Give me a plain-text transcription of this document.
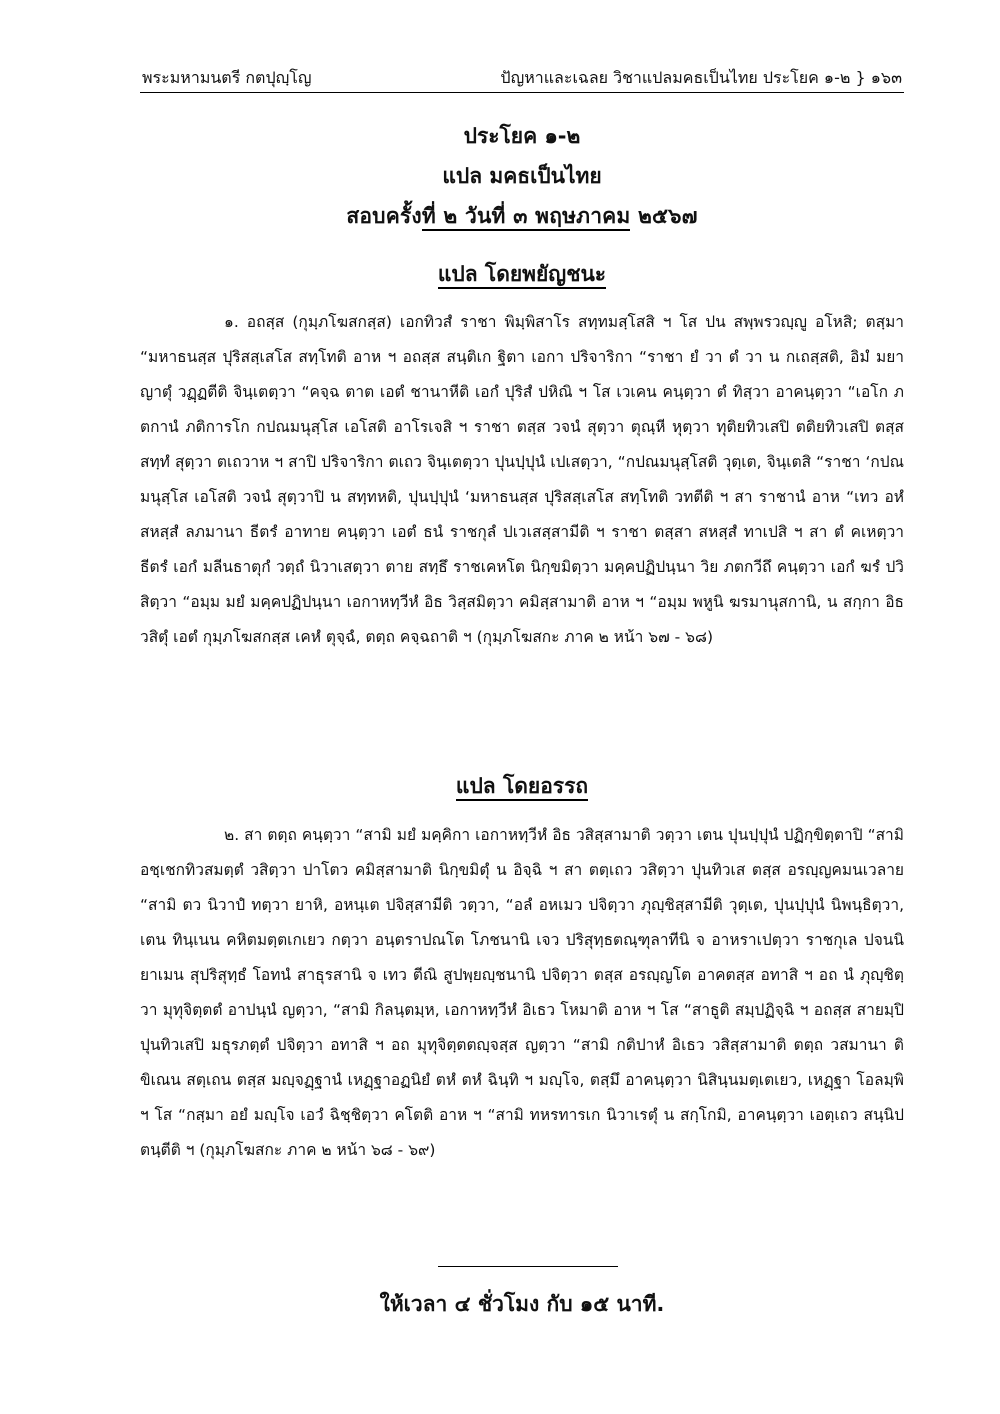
พระมหามนตรี กตปุญฺโญ	ปัญหาและเฉลย วิชาแปลมคธเป็นไทย ประโยค ๑-๒ } ๑๖๓
ประโยค ๑-๒
แปล มคธเป็นไทย
สอบครั้งที่ ๒ วันที่ ๓ พฤษภาคม ๒๕๖๗
แปล โดยพยัญชนะ
๑. อถสฺส (กุมฺภโฆสกสฺส) เอกทิวสํ ราชา พิมฺพิสาโร สทฺทมสฺโสสิ ฯ โส ปน สพฺพรวญฺญู อโหสิ; ตสฺมา “มหาธนสฺส ปุริสสฺเสโส สทฺโทติ อาห ฯ อถสฺส สนฺติเก ฐิตา เอกา ปริจาริกา “ราชา ยํ วา ตํ วา น กเถสฺสติ, อิมํ มยา ญาตุํ วฏฺฏตีติ จินฺเตตฺวา “คจฺฉ ตาต เอตํ ชานาหีติ เอกํ ปุริสํ ปหิณิ ฯ โส เวเคน คนฺตฺวา ตํ ทิสฺวา อาคนฺตฺวา “เอโก ภตกานํ ภติการโก กปณมนุสฺโส เอโสติ อาโรเจสิ ฯ ราชา ตสฺส วจนํ สุตฺวา ตุณฺหี หุตฺวา ทุติยทิวเสปิ ตติยทิวเสปิ ตสฺส สทฺทํ สุตฺวา ตเถวาห ฯ สาปิ ปริจาริกา ตเถว จินฺเตตฺวา ปุนปฺปุนํ เปเสตฺวา, “กปณมนุสฺโสติ วุตฺเต, จินฺเตสิ “ราชา ‘กปณมนุสฺโส เอโสติ วจนํ สุตฺวาปิ น สทฺทหติ, ปุนปฺปุนํ ‘มหาธนสฺส ปุริสสฺเสโส สทฺโทติ วทตีติ ฯ สา ราชานํ อาห “เทว อหํ สหสฺสํ ลภมานา ธีตรํ อาทาย คนฺตฺวา เอตํ ธนํ ราชกุลํ ปเวเสสฺสามีติ ฯ ราชา ตสฺสา สหสฺสํ ทาเปสิ ฯ สา ตํ คเหตฺวา ธีตรํ เอกํ มลีนธาตุกํ วตฺถํ นิวาเสตฺวา ตาย สทฺธึ ราชเคหโต นิกฺขมิตฺวา มคฺคปฏิปนฺนา วิย ภตกวีถึ คนฺตฺวา เอกํ ฆรํ ปวิสิตฺวา “อมฺม มยํ มคฺคปฏิปนฺนา เอกาหทฺวีหํ อิธ วิสฺสมิตฺวา คมิสฺสามาติ อาห ฯ “อมฺม พหูนิ ฆรมานุสกานิ, น สกฺกา อิธ วสิตุํ เอตํ กุมฺภโฆสกสฺส เคหํ ตุจฺฉํ, ตตฺถ คจฺฉถาติ ฯ (กุมฺภโฆสกะ ภาค ๒ หน้า ๖๗ - ๖๘)
แปล โดยอรรถ
๒. สา ตตฺถ คนฺตฺวา “สามิ มยํ มคฺคิกา เอกาหทฺวีหํ อิธ วสิสฺสามาติ วตฺวา เตน ปุนปฺปุนํ ปฏิกฺขิตฺตาปิ “สามิ อชฺเชกทิวสมตฺตํ วสิตฺวา ปาโตว คมิสฺสามาติ นิกฺขมิตุํ น อิจฺฉิ ฯ สา ตตฺเถว วสิตฺวา ปุนทิวเส ตสฺส อรญฺญคมนเวลาย “สามิ ตว นิวาปํ ทตฺวา ยาหิ, อหนฺเต ปจิสฺสามีติ วตฺวา, “อลํ อหเมว ปจิตฺวา ภุญฺชิสฺสามีติ วุตฺเต, ปุนปฺปุนํ นิพนฺธิตฺวา, เตน ทินฺเนน คหิตมตฺตเกเยว กตฺวา อนฺตราปณโต โภชนานิ เจว ปริสุทฺธตณฺฑุลาทีนิ จ อาหราเปตฺวา ราชกุเล ปจนนิยาเมน สุปริสุทฺธํ โอทนํ สาธุรสานิ จ เทว ตีณิ สูปพฺยญฺชนานิ ปจิตฺวา ตสฺส อรญฺญโต อาคตสฺส อทาสิ ฯ อถ นํ ภุญฺชิตฺวา มุทุจิตฺตตํ อาปนฺนํ ญตฺวา, “สามิ กิลนฺตมฺห, เอกาหทฺวีหํ อิเธว โหมาติ อาห ฯ โส “สาธูติ สมฺปฏิจฺฉิ ฯ อถสฺส สายมฺปิ ปุนทิวเสปิ มธุรภตฺตํ ปจิตฺวา อทาสิ ฯ อถ มุทุจิตฺตตญฺจสฺส ญตฺวา “สามิ กติปาหํ อิเธว วสิสฺสามาติ ตตฺถ วสมานา ติขิเณน สตฺเถน ตสฺส มญฺจฏฺฐานํ เหฏฺฐาอฏนิยํ ตหํ ตหํ ฉินฺทิ ฯ มญฺโจ, ตสฺมึ อาคนฺตฺวา นิสินฺนมตฺเตเยว, เหฏฺฐา โอลมฺพิ ฯ โส “กสฺมา อยํ มญฺโจ เอวํ ฉิชฺชิตฺวา คโตติ อาห ฯ “สามิ ทหรทารเก นิวาเรตุํ น สกฺโกมิ, อาคนฺตฺวา เอตฺเถว สนฺนิปตนฺตีติ ฯ (กุมฺภโฆสกะ ภาค ๒ หน้า ๖๘ - ๖๙)
ให้เวลา ๔ ชั่วโมง กับ ๑๕ นาที.
